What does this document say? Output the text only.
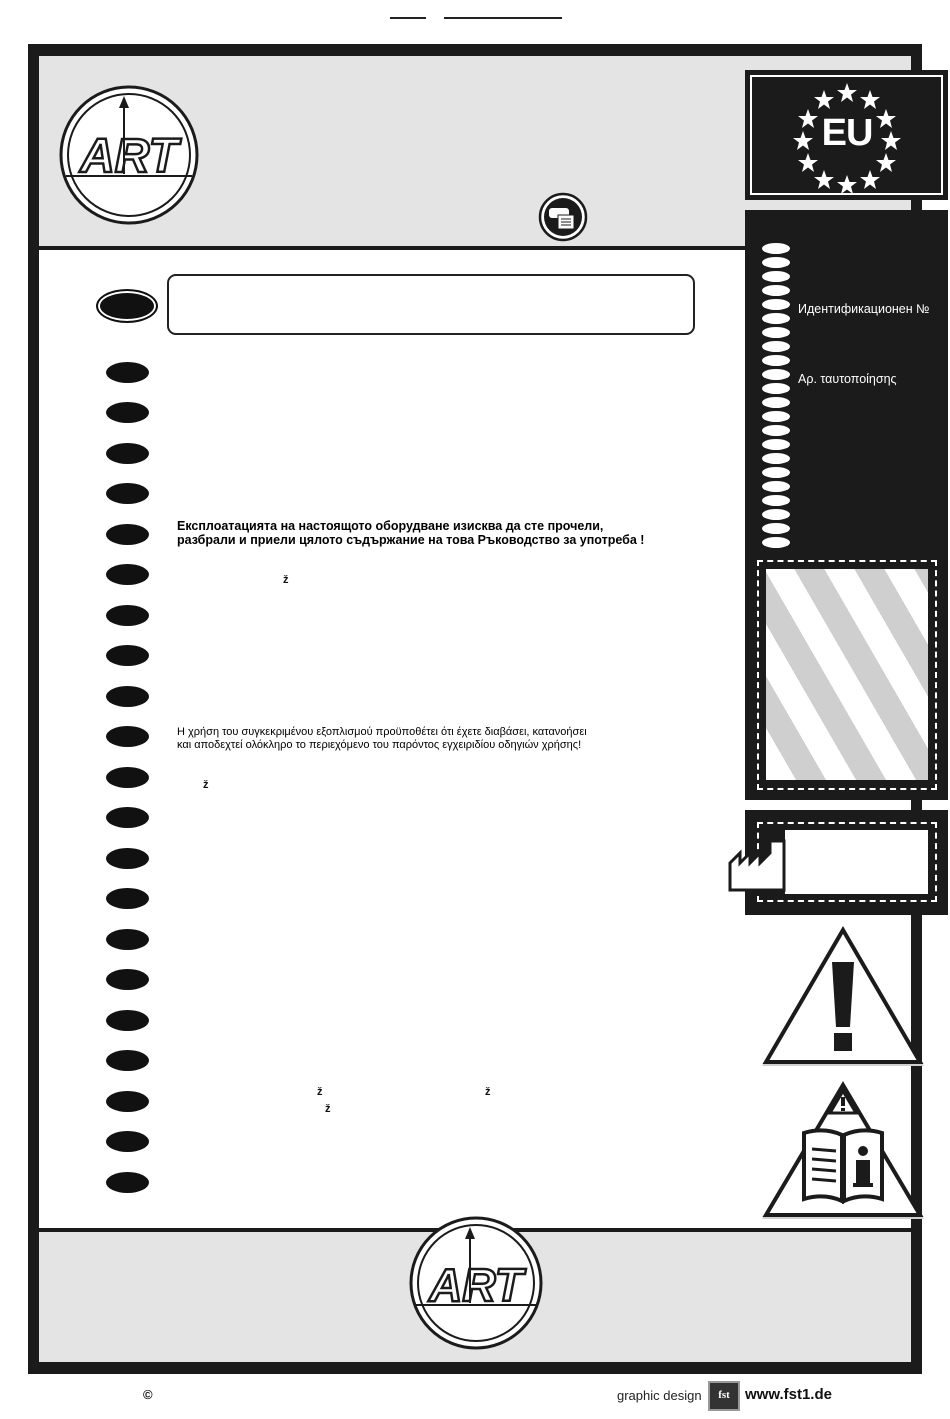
ART
Експлоатацията на настоящото оборудване изисква да сте прочели,
разбрали и приели цялото съдържание на това Ръководство за употреба !
Η χρήση του συγκεκριμένου εξοπλισμού προϋποθέτει ότι έχετε διαβάσει, κατανοήσει
και αποδεχτεί ολόκληρο το περιεχόμενο του παρόντος εγχειριδίου οδηγιών χρήσης!
ž
ž
ž	ž
ž
EU
Идентификационен №
Αρ. ταυτοποίησης
ART
©	graphic design	fst	www.fst1.de
